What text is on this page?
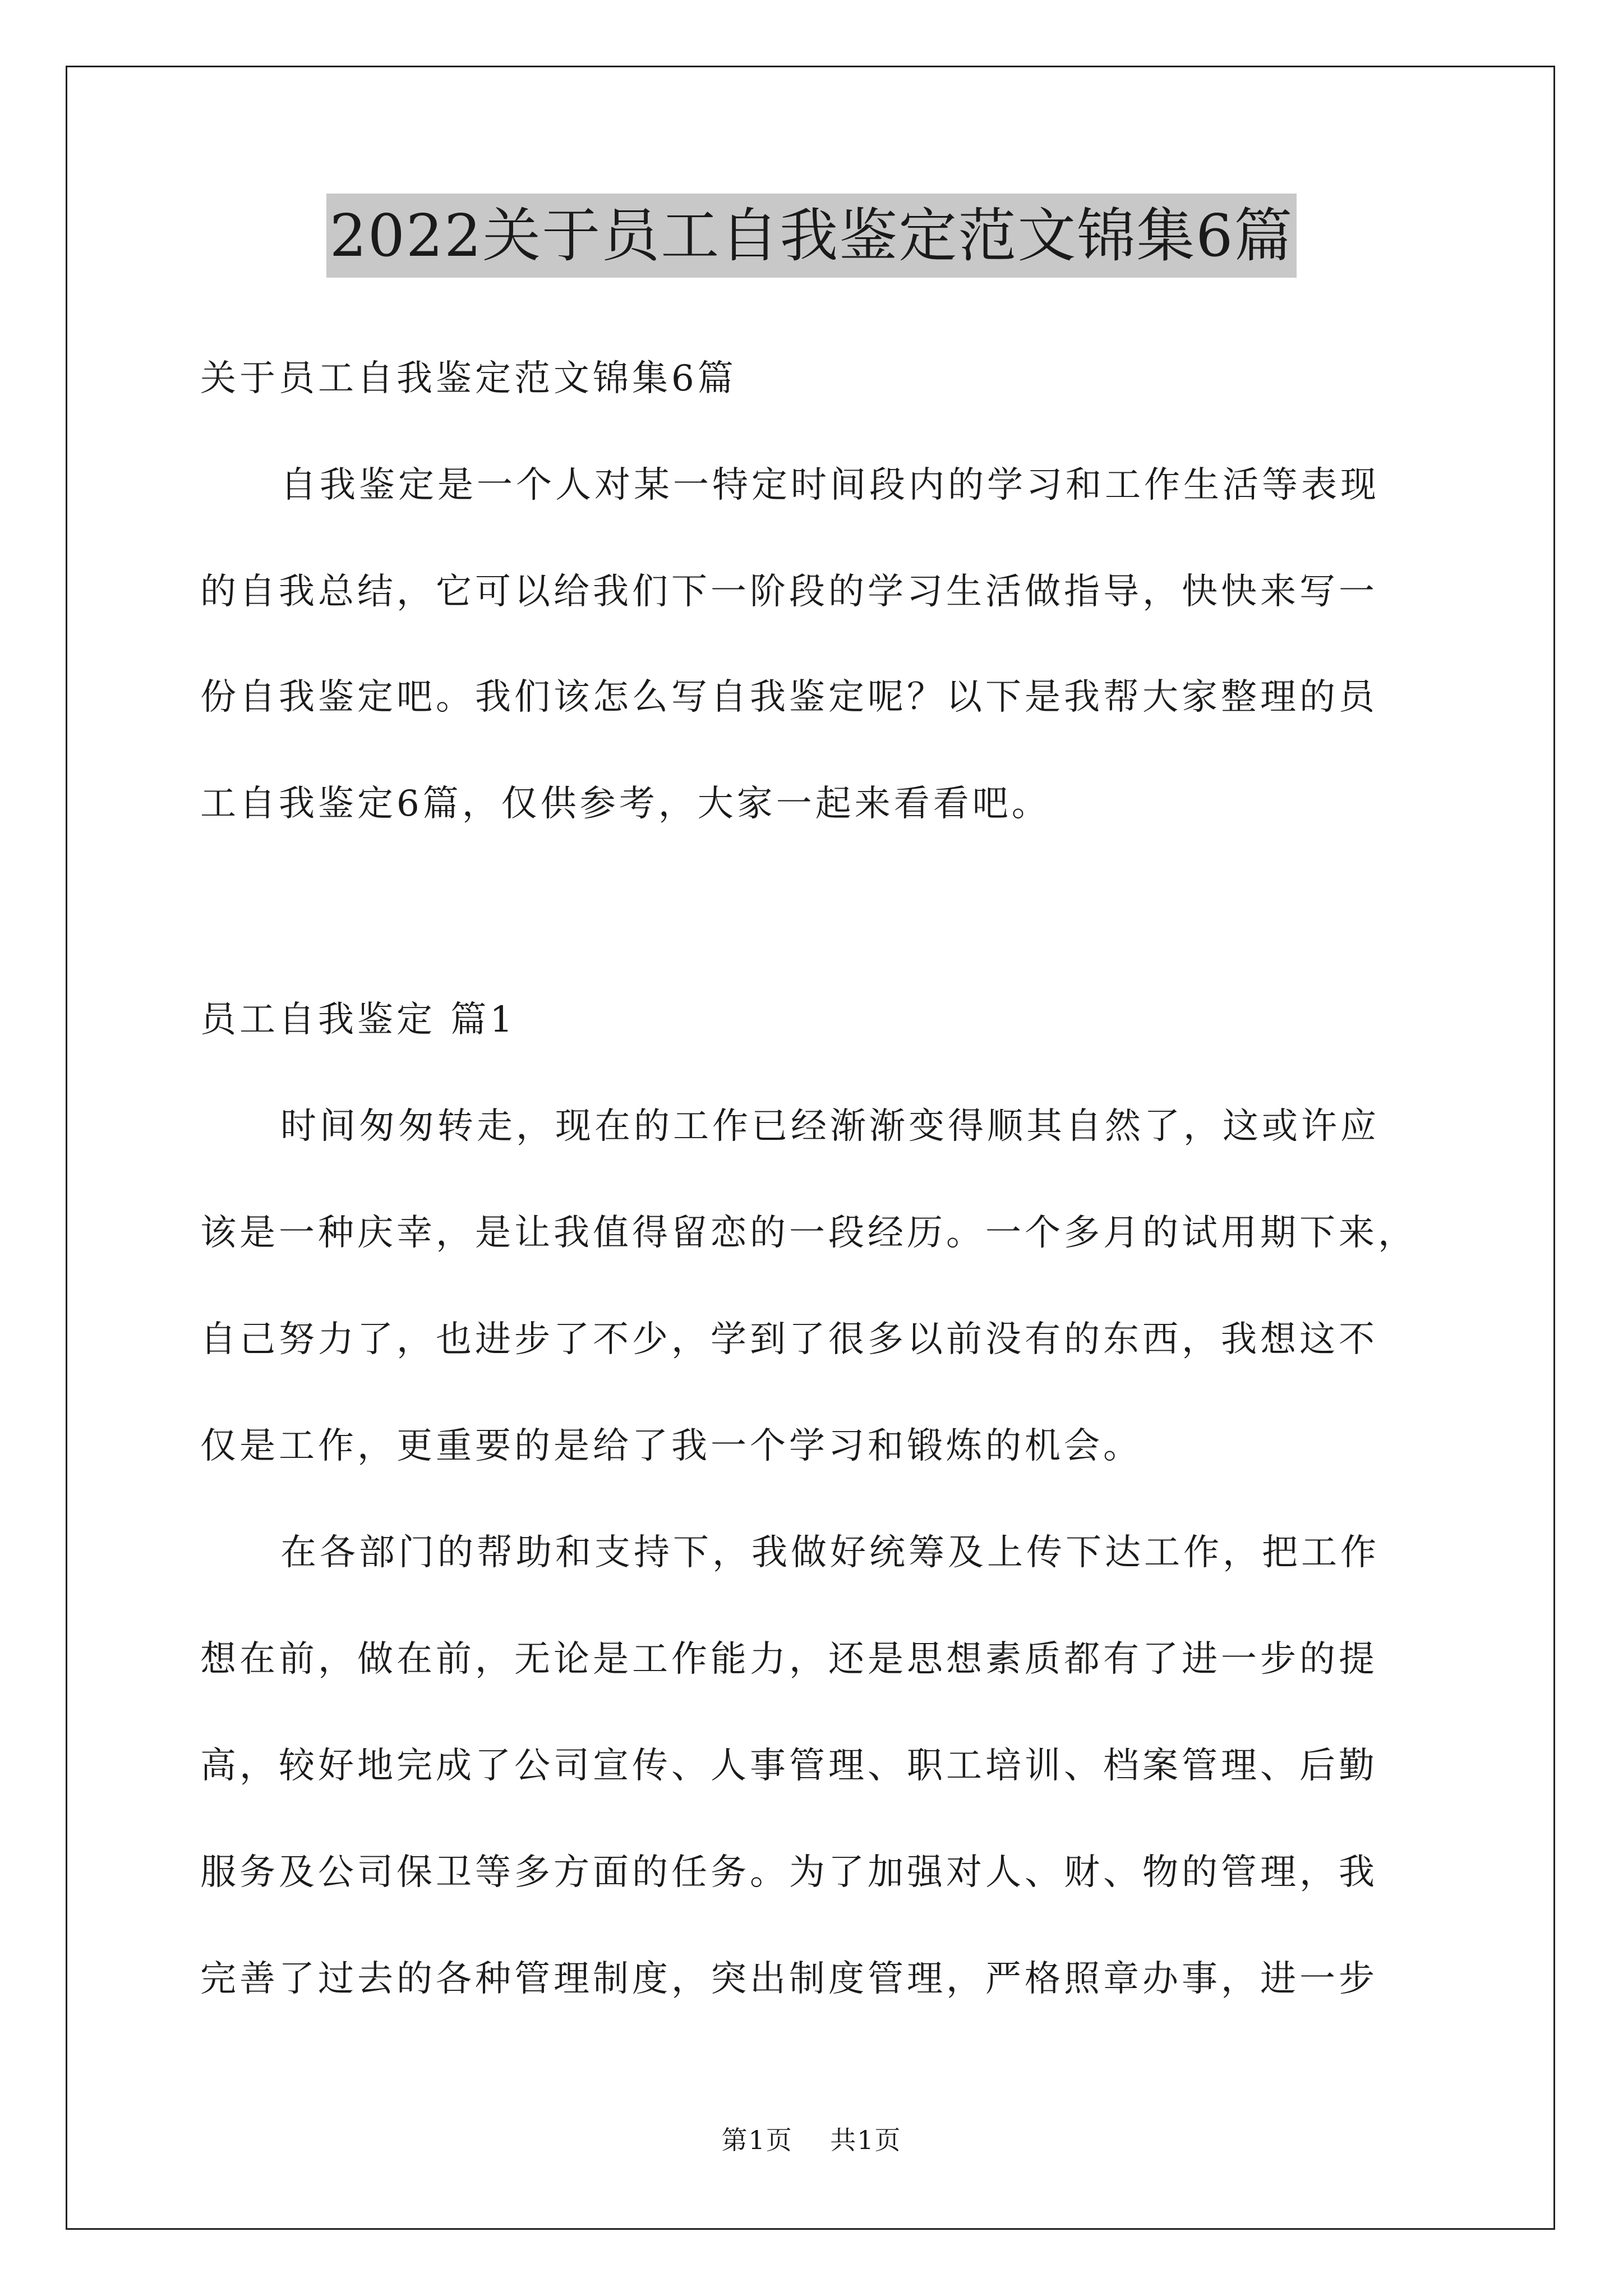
2022关于员工自我鉴定范文锦集6篇
关于员工自我鉴定范文锦集6篇
自我鉴定是一个人对某一特定时间段内的学习和工作生活等表现
的自我总结，它可以给我们下一阶段的学习生活做指导，快快来写一
份自我鉴定吧。我们该怎么写自我鉴定呢？以下是我帮大家整理的员
工自我鉴定6篇，仅供参考，大家一起来看看吧。
员工自我鉴定 篇1
时间匆匆转走，现在的工作已经渐渐变得顺其自然了，这或许应
该是一种庆幸，是让我值得留恋的一段经历。一个多月的试用期下来，
自己努力了，也进步了不少，学到了很多以前没有的东西，我想这不
仅是工作，更重要的是给了我一个学习和锻炼的机会。
在各部门的帮助和支持下，我做好统筹及上传下达工作，把工作
想在前，做在前，无论是工作能力，还是思想素质都有了进一步的提
高，较好地完成了公司宣传、人事管理、职工培训、档案管理、后勤
服务及公司保卫等多方面的任务。为了加强对人、财、物的管理，我
完善了过去的各种管理制度，突出制度管理，严格照章办事，进一步
第1页    共1页
